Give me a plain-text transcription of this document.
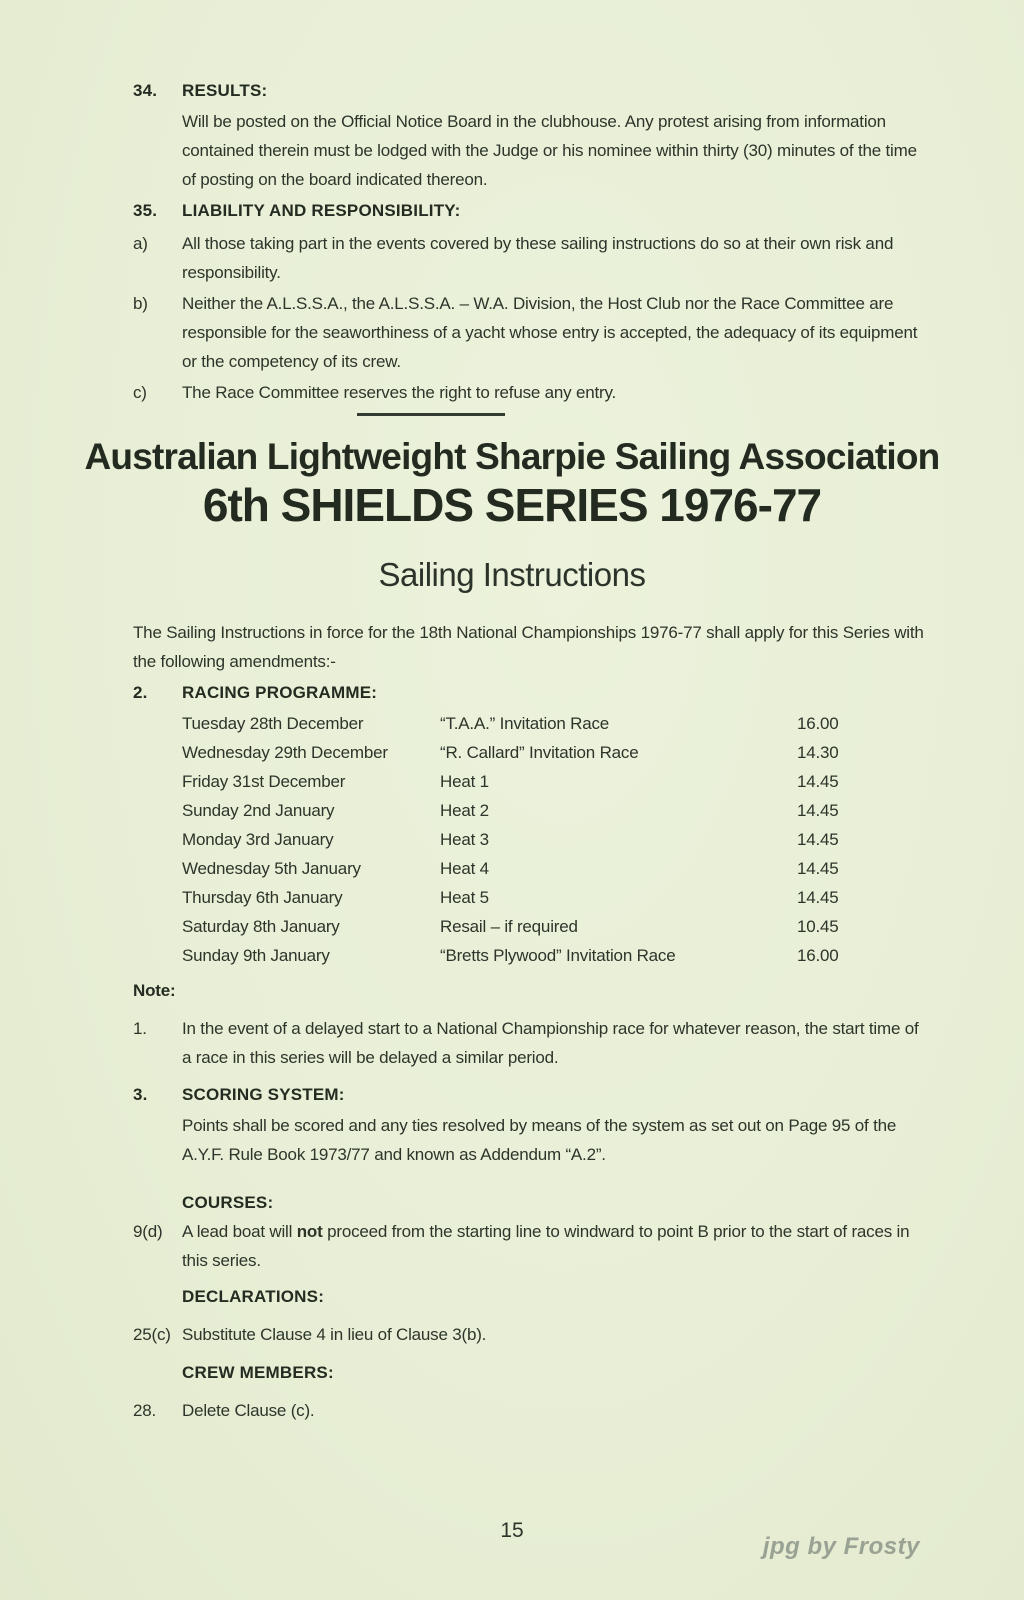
34.	RESULTS:
Will be posted on the Official Notice Board in the clubhouse. Any protest arising from information contained therein must be lodged with the Judge or his nominee within thirty (30) minutes of the time of posting on the board indicated thereon.
35.	LIABILITY AND RESPONSIBILITY:
a)	All those taking part in the events covered by these sailing instructions do so at their own risk and responsibility.
b)	Neither the A.L.S.S.A., the A.L.S.S.A. – W.A. Division, the Host Club nor the Race Committee are responsible for the seaworthiness of a yacht whose entry is accepted, the adequacy of its equipment or the competency of its crew.
c)	The Race Committee reserves the right to refuse any entry.
Australian Lightweight Sharpie Sailing Association
6th SHIELDS SERIES 1976-77
Sailing Instructions
The Sailing Instructions in force for the 18th National Championships 1976-77 shall apply for this Series with the following amendments:-
2.	RACING PROGRAMME:
Tuesday 28th December	“T.A.A.” Invitation Race	16.00
Wednesday 29th December	“R. Callard” Invitation Race	14.30
Friday 31st December	Heat 1	14.45
Sunday 2nd January	Heat 2	14.45
Monday 3rd January	Heat 3	14.45
Wednesday 5th January	Heat 4	14.45
Thursday 6th January	Heat 5	14.45
Saturday 8th January	Resail – if required	10.45
Sunday 9th January	“Bretts Plywood” Invitation Race	16.00
Note:
1.	In the event of a delayed start to a National Championship race for whatever reason, the start time of a race in this series will be delayed a similar period.
3.	SCORING SYSTEM:
Points shall be scored and any ties resolved by means of the system as set out on Page 95 of the A.Y.F. Rule Book 1973/77 and known as Addendum “A.2”.
COURSES:
9(d)	A lead boat will not proceed from the starting line to windward to point B prior to the start of races in this series.
DECLARATIONS:
25(c) Substitute Clause 4 in lieu of Clause 3(b).
CREW MEMBERS:
28.	Delete Clause (c).
15
jpg by Frosty
